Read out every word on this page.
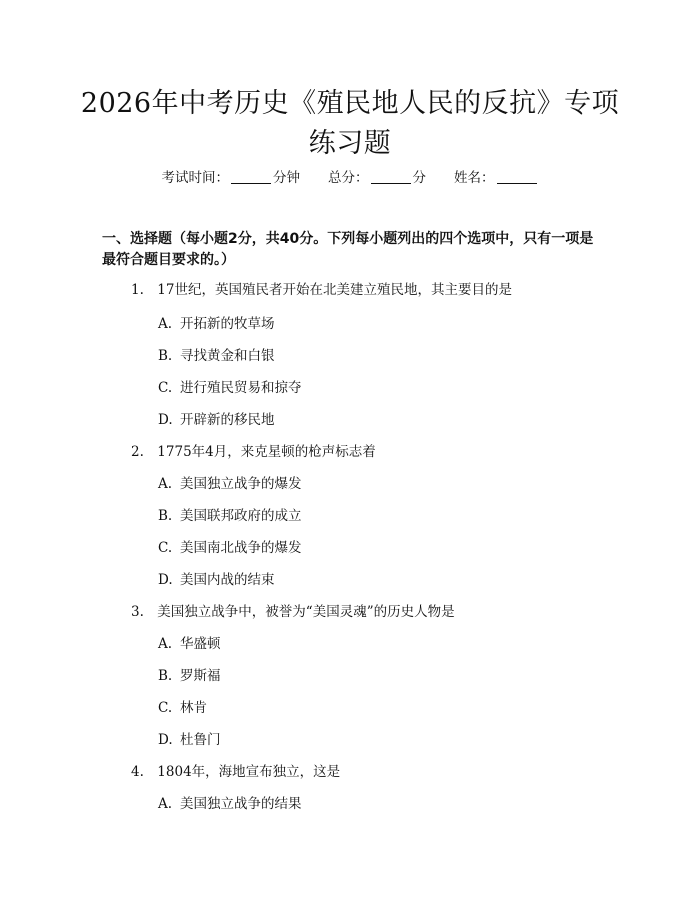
2026年中考历史《殖民地人民的反抗》专项
练习题
考试时间：	分钟 总分：	分 姓名：
一、选择题（每小题2分，共40分。下列每小题列出的四个选项中，只有一项是最符合题目要求的。）
1. 17世纪，英国殖民者开始在北美建立殖民地，其主要目的是
A. 开拓新的牧草场
B. 寻找黄金和白银
C. 进行殖民贸易和掠夺
D. 开辟新的移民地
2. 1775年4月，来克星顿的枪声标志着
A. 美国独立战争的爆发
B. 美国联邦政府的成立
C. 美国南北战争的爆发
D. 美国内战的结束
3. 美国独立战争中，被誉为“美国灵魂”的历史人物是
A. 华盛顿
B. 罗斯福
C. 林肯
D. 杜鲁门
4. 1804年，海地宣布独立，这是
A. 美国独立战争的结果
